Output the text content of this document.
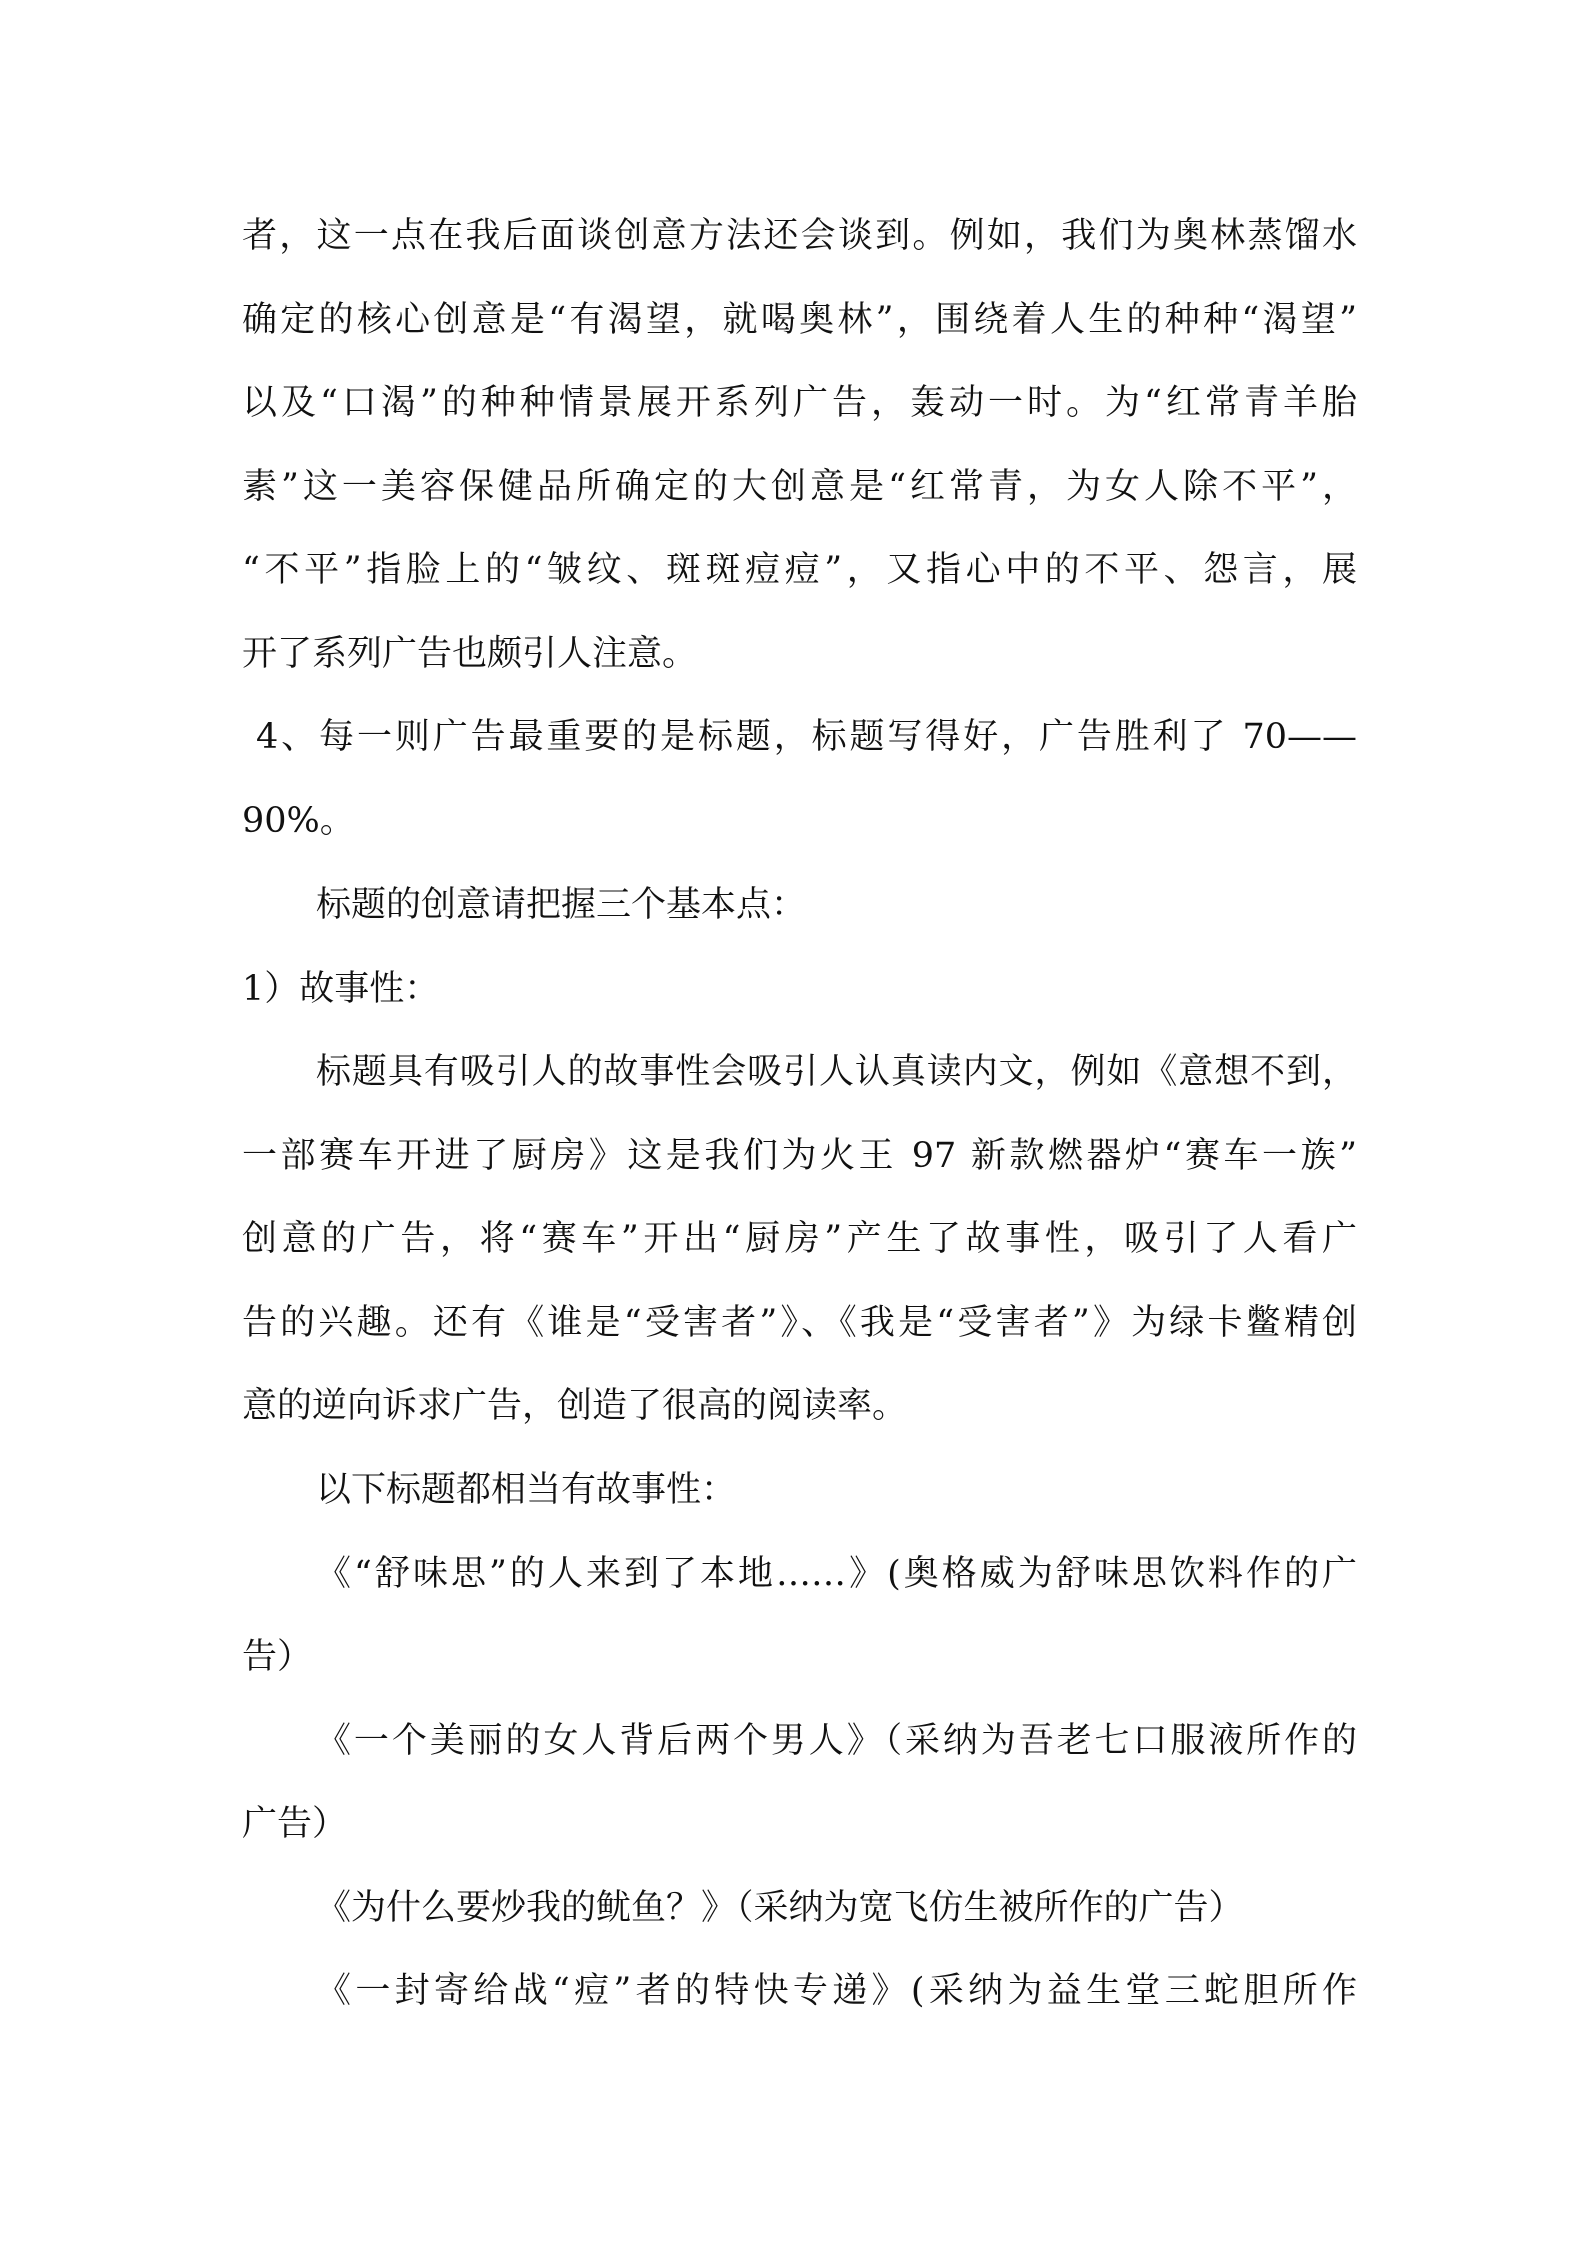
者，这一点在我后面谈创意方法还会谈到。例如，我们为奥林蒸馏水
确定的核心创意是“有渴望，就喝奥林”，围绕着人生的种种“渴望”
以及“口渴”的种种情景展开系列广告，轰动一时。为“红常青羊胎
素”这一美容保健品所确定的大创意是“红常青，为女人除不平”，
“不平”指脸上的“皱纹、斑斑痘痘”，又指心中的不平、怨言，展
开了系列广告也颇引人注意。
4、每一则广告最重要的是标题，标题写得好，广告胜利了 70——
90%。
标题的创意请把握三个基本点：
1）故事性：
标题具有吸引人的故事性会吸引人认真读内文，例如《意想不到，
一部赛车开进了厨房》这是我们为火王 97 新款燃器炉“赛车一族”
创意的广告，将“赛车”开出“厨房”产生了故事性，吸引了人看广
告的兴趣。还有《谁是“受害者”》、《我是“受害者”》为绿卡鳖精创
意的逆向诉求广告，创造了很高的阅读率。
以下标题都相当有故事性：
《“舒味思”的人来到了本地……》(奥格威为舒味思饮料作的广
告）
《一个美丽的女人背后两个男人》（采纳为吾老七口服液所作的
广告）
《为什么要炒我的鱿鱼？》（采纳为宽飞仿生被所作的广告）
《一封寄给战“痘”者的特快专递》(采纳为益生堂三蛇胆所作
